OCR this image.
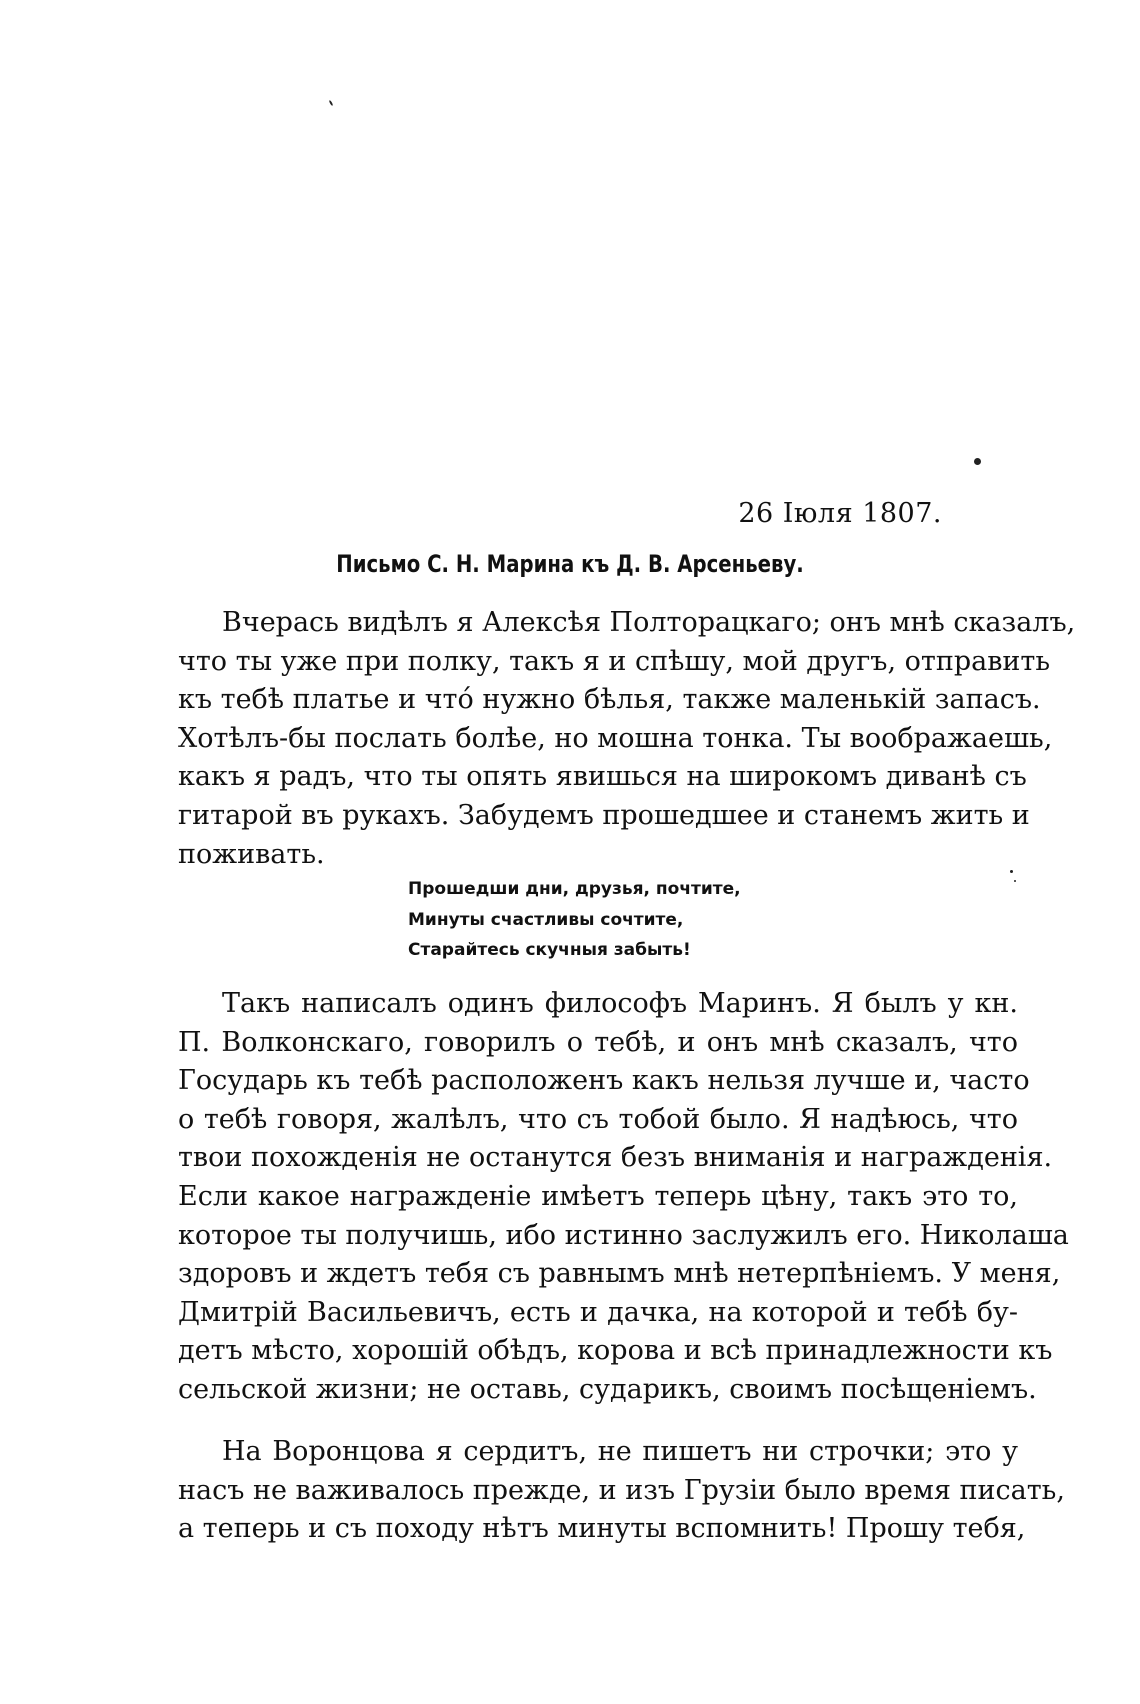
26 Іюля 1807.
Письмо С. Н. Марина къ Д. В. Арсеньеву.
Вчерась видѣлъ я Алексѣя Полторацкаго; онъ мнѣ сказалъ,
что ты уже при полку, такъ я и спѣшу, мой другъ, отправить
къ тебѣ платье и чтó нужно бѣлья, также маленькій запасъ.
Хотѣлъ-бы послать болѣе, но мошна тонка. Ты воображаешь,
какъ я радъ, что ты опять явишься на широкомъ диванѣ съ
гитарой въ рукахъ. Забудемъ прошедшее и станемъ жить и
поживать.
Прошедши дни, друзья, почтите,
Минуты счастливы сочтите,
Старайтесь скучныя забыть!
Такъ написалъ одинъ философъ Маринъ. Я былъ у кн.
П. Волконскаго, говорилъ о тебѣ, и онъ мнѣ сказалъ, что
Государь къ тебѣ расположенъ какъ нельзя лучше и, часто
о тебѣ говоря, жалѣлъ, что съ тобой было. Я надѣюсь, что
твои похожденія не останутся безъ вниманія и награжденія.
Если какое награжденіе имѣетъ теперь цѣну, такъ это то,
которое ты получишь, ибо истинно заслужилъ его. Николаша
здоровъ и ждетъ тебя съ равнымъ мнѣ нетерпѣніемъ. У меня,
Дмитрій Васильевичъ, есть и дачка, на которой и тебѣ бу-
детъ мѣсто, хорошій обѣдъ, корова и всѣ принадлежности къ
сельской жизни; не оставь, сударикъ, своимъ посѣщеніемъ.
На Воронцова я сердитъ, не пишетъ ни строчки; это у
насъ не важивалось прежде, и изъ Грузіи было время писать,
а теперь и съ походу нѣтъ минуты вспомнить! Прошу тебя,
